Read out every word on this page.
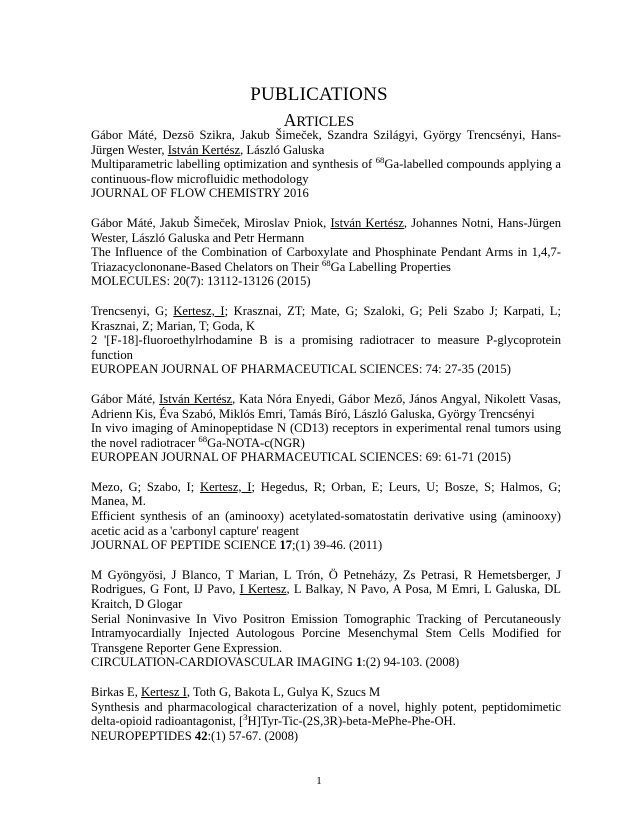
PUBLICATIONS
ARTICLES
Gábor Máté, Dezsö Szikra, Jakub Šimeček, Szandra Szilágyi, György Trencsényi, Hans-Jürgen Wester, István Kertész, László Galuska
Multiparametric labelling optimization and synthesis of $^{68}$Ga-labelled compounds applying a continuous-flow microfluidic methodology
JOURNAL OF FLOW CHEMISTRY 2016
Gábor Máté, Jakub Šimeček, Miroslav Pniok, István Kertész, Johannes Notni, Hans-Jürgen Wester, László Galuska and Petr Hermann
The Influence of the Combination of Carboxylate and Phosphinate Pendant Arms in 1,4,7-Triazacyclononane-Based Chelators on Their $^{68}$Ga Labelling Properties
MOLECULES: 20(7): 13112-13126 (2015)
Trencsenyi, G; Kertesz, I; Krasznai, ZT; Mate, G; Szaloki, G; Peli Szabo J; Karpati, L; Krasznai, Z; Marian, T; Goda, K
2 '[F-18]-fluoroethylrhodamine B is a promising radiotracer to measure P-glycoprotein function
EUROPEAN JOURNAL OF PHARMACEUTICAL SCIENCES: 74: 27-35 (2015)
Gábor Máté, István Kertész, Kata Nóra Enyedi, Gábor Mező, János Angyal, Nikolett Vasas, Adrienn Kis, Éva Szabó, Miklós Emri, Tamás Bíró, László Galuska, György Trencsényi
In vivo imaging of Aminopeptidase N (CD13) receptors in experimental renal tumors using the novel radiotracer $^{68}$Ga-NOTA-c(NGR)
EUROPEAN JOURNAL OF PHARMACEUTICAL SCIENCES: 69: 61-71 (2015)
Mezo, G; Szabo, I; Kertesz, I; Hegedus, R; Orban, E; Leurs, U; Bosze, S; Halmos, G; Manea, M.
Efficient synthesis of an (aminooxy) acetylated-somatostatin derivative using (aminooxy) acetic acid as a 'carbonyl capture' reagent
JOURNAL OF PEPTIDE SCIENCE 17;(1) 39-46. (2011)
M Gyöngyösi, J Blanco, T Marian, L Trón, Ö Petneházy, Zs Petrasi, R Hemetsberger, J Rodrigues, G Font, IJ Pavo, I Kertesz, L Balkay, N Pavo, A Posa, M Emri, L Galuska, DL Kraitch, D Glogar
Serial Noninvasive In Vivo Positron Emission Tomographic Tracking of Percutaneously Intramyocardially Injected Autologous Porcine Mesenchymal Stem Cells Modified for Transgene Reporter Gene Expression.
CIRCULATION-CARDIOVASCULAR IMAGING 1:(2) 94-103. (2008)
Birkas E, Kertesz I, Toth G, Bakota L, Gulya K, Szucs M
Synthesis and pharmacological characterization of a novel, highly potent, peptidomimetic delta-opioid radioantagonist, [$^3$H]Tyr-Tic-(2S,3R)-beta-MePhe-Phe-OH.
NEUROPEPTIDES 42:(1) 57-67. (2008)
1
